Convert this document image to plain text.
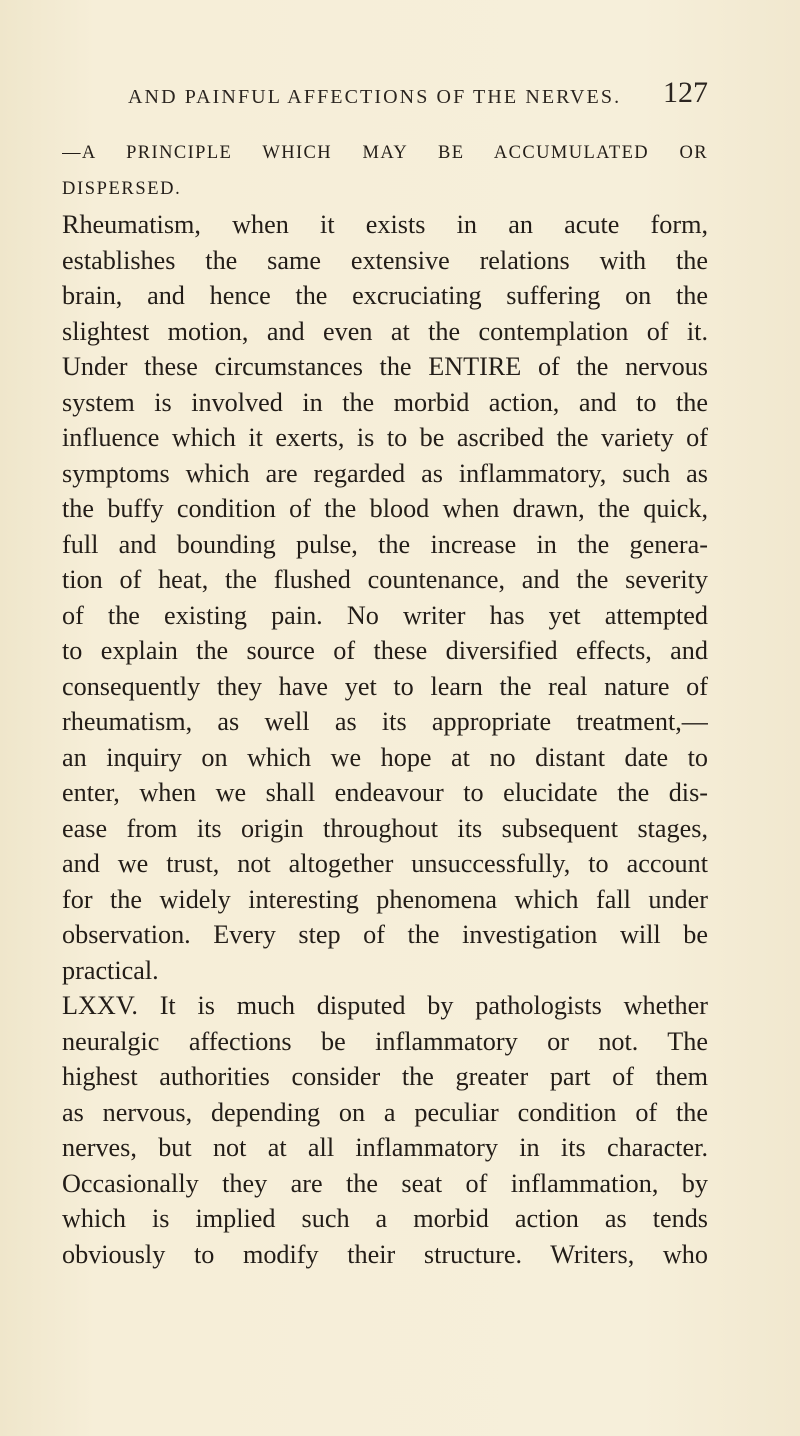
AND PAINFUL AFFECTIONS OF THE NERVES. 127
—A PRINCIPLE WHICH MAY BE ACCUMULATED OR
DISPERSED.
Rheumatism, when it exists in an acute form,
establishes the same extensive relations with the
brain, and hence the excruciating suffering on the
slightest motion, and even at the contemplation of it.
Under these circumstances the ENTIRE of the nervous
system is involved in the morbid action, and to the
influence which it exerts, is to be ascribed the variety of
symptoms which are regarded as inflammatory, such as
the buffy condition of the blood when drawn, the quick,
full and bounding pulse, the increase in the genera-
tion of heat, the flushed countenance, and the severity
of the existing pain. No writer has yet attempted
to explain the source of these diversified effects, and
consequently they have yet to learn the real nature of
rheumatism, as well as its appropriate treatment,—
an inquiry on which we hope at no distant date to
enter, when we shall endeavour to elucidate the dis-
ease from its origin throughout its subsequent stages,
and we trust, not altogether unsuccessfully, to account
for the widely interesting phenomena which fall under
observation. Every step of the investigation will be
practical.
LXXV. It is much disputed by pathologists whether
neuralgic affections be inflammatory or not. The
highest authorities consider the greater part of them
as nervous, depending on a peculiar condition of the
nerves, but not at all inflammatory in its character.
Occasionally they are the seat of inflammation, by
which is implied such a morbid action as tends
obviously to modify their structure. Writers, who
